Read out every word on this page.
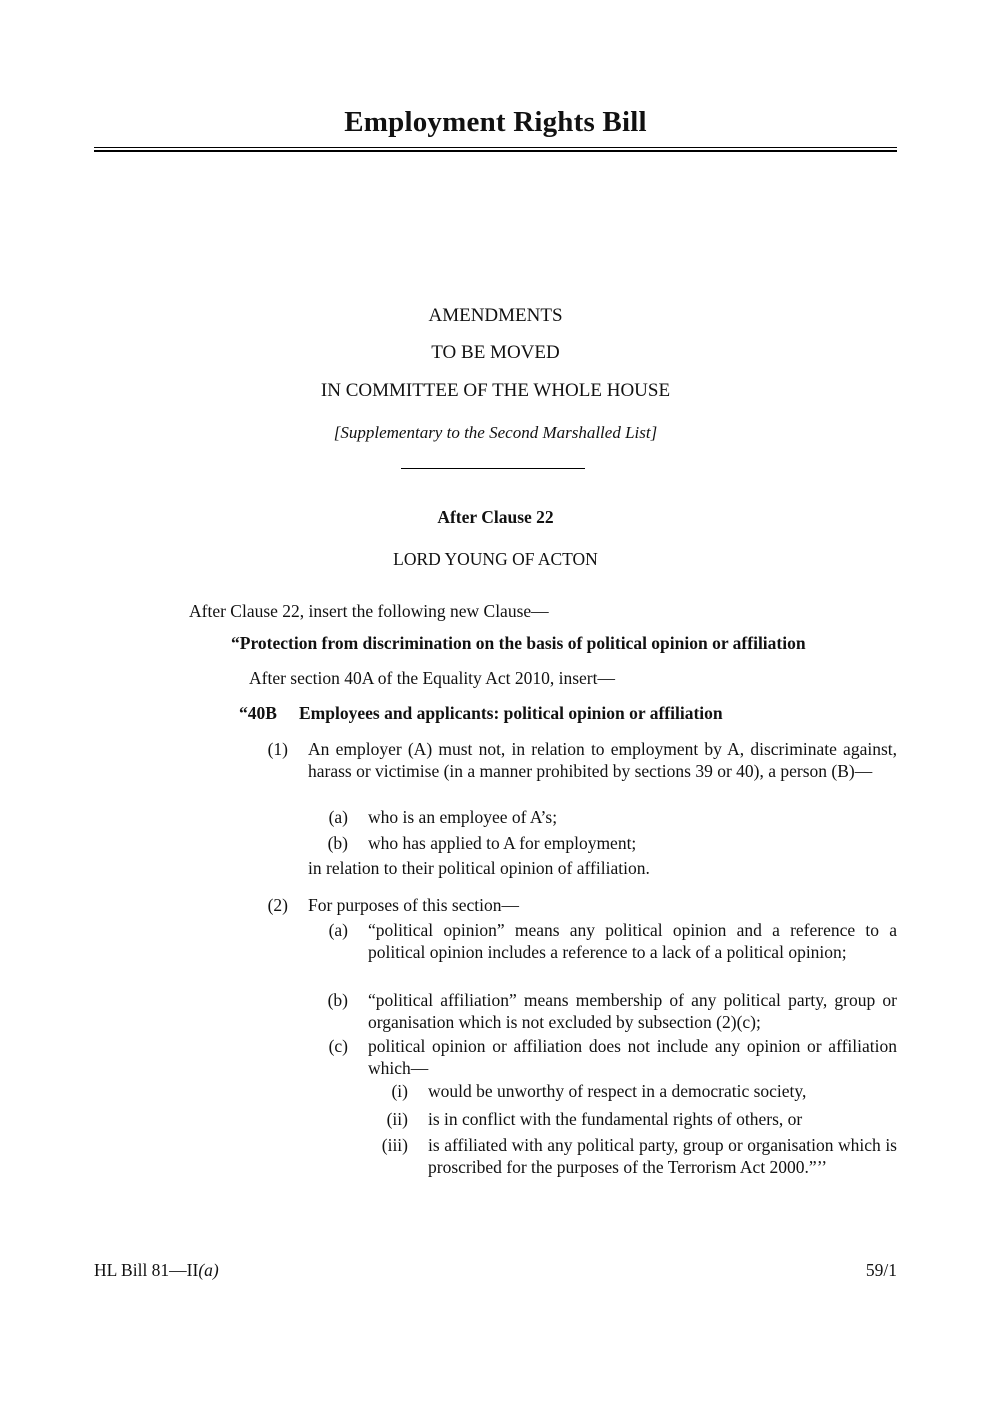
Employment Rights Bill
AMENDMENTS
TO BE MOVED
IN COMMITTEE OF THE WHOLE HOUSE
[Supplementary to the Second Marshalled List]
After Clause 22
LORD YOUNG OF ACTON
After Clause 22, insert the following new Clause—
“Protection from discrimination on the basis of political opinion or affiliation
After section 40A of the Equality Act 2010, insert—
“40B Employees and applicants: political opinion or affiliation
(1) An employer (A) must not, in relation to employment by A, discriminate against, harass or victimise (in a manner prohibited by sections 39 or 40), a person (B)—
(a) who is an employee of A’s;
(b) who has applied to A for employment;
in relation to their political opinion of affiliation.
(2) For purposes of this section—
(a) “political opinion” means any political opinion and a reference to a political opinion includes a reference to a lack of a political opinion;
(b) “political affiliation” means membership of any political party, group or organisation which is not excluded by subsection (2)(c);
(c) political opinion or affiliation does not include any opinion or affiliation which—
(i) would be unworthy of respect in a democratic society,
(ii) is in conflict with the fundamental rights of others, or
(iii) is affiliated with any political party, group or organisation which is proscribed for the purposes of the Terrorism Act 2000.”’’
HL Bill 81—II(a)	59/1
